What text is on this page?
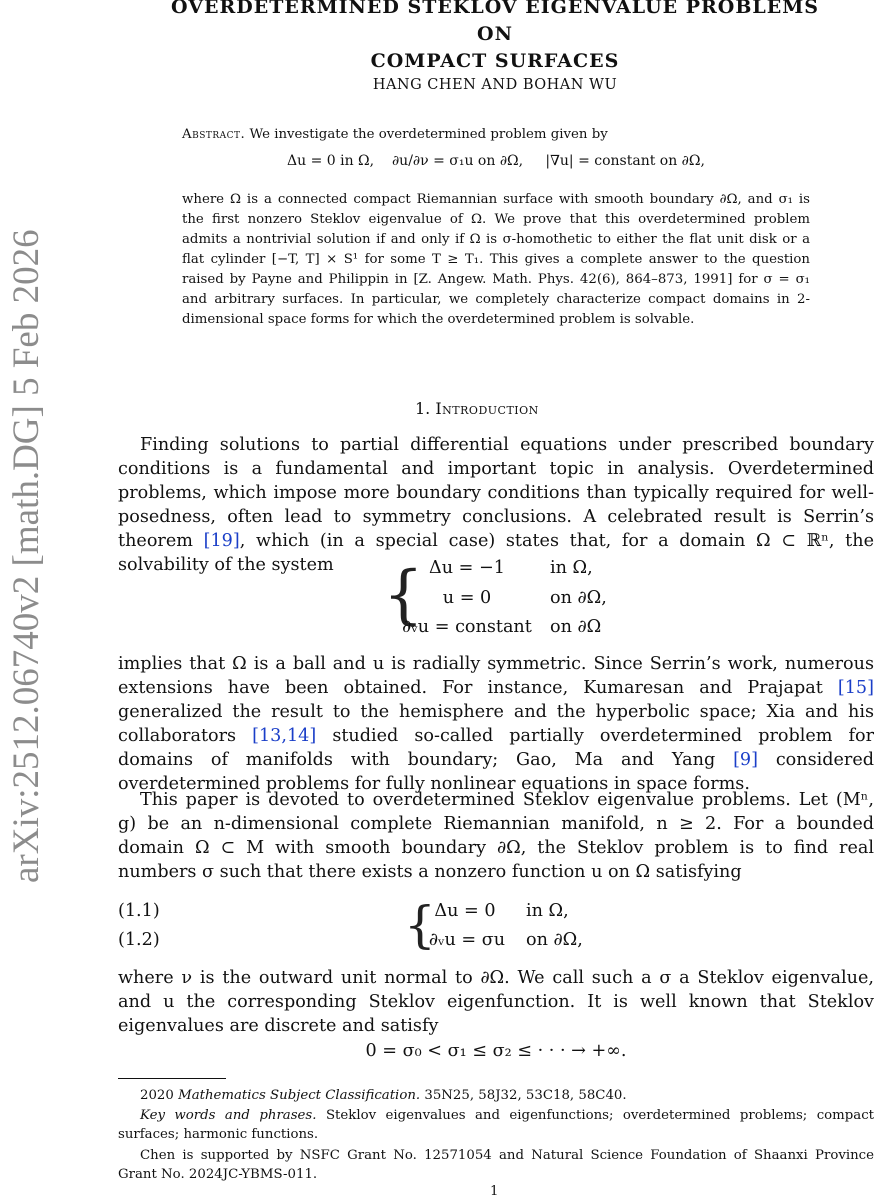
arXiv:2512.06740v2 [math.DG] 5 Feb 2026
OVERDETERMINED STEKLOV EIGENVALUE PROBLEMS ON
COMPACT SURFACES
HANG CHEN AND BOHAN WU
Abstract. We investigate the overdetermined problem given by
Δu = 0 in Ω, ∂u/∂ν = σ₁u on ∂Ω, |∇u| = constant on ∂Ω,
where Ω is a connected compact Riemannian surface with smooth boundary ∂Ω, and σ₁ is the first nonzero Steklov eigenvalue of Ω. We prove that this overdetermined problem admits a nontrivial solution if and only if Ω is σ-homothetic to either the flat unit disk or a flat cylinder [−T, T] × S¹ for some T ≥ T₁. This gives a complete answer to the question raised by Payne and Philippin in [Z. Angew. Math. Phys. 42(6), 864–873, 1991] for σ = σ₁ and arbitrary surfaces. In particular, we completely characterize compact domains in 2-dimensional space forms for which the overdetermined problem is solvable.
1. Introduction
Finding solutions to partial differential equations under prescribed boundary conditions is a fundamental and important topic in analysis. Overdetermined problems, which impose more boundary conditions than typically required for well-posedness, often lead to symmetry conclusions. A celebrated result is Serrin’s theorem [19], which (in a special case) states that, for a domain Ω ⊂ ℝⁿ, the solvability of the system { Δu = −1	in Ω,
u = 0	on ∂Ω,
∂ᵥu = constant on ∂Ω
implies that Ω is a ball and u is radially symmetric. Since Serrin’s work, numerous extensions have been obtained. For instance, Kumaresan and Prajapat [15] generalized the result to the hemisphere and the hyperbolic space; Xia and his collaborators [13,14] studied so-called partially overdetermined problem for domains of manifolds with boundary; Gao, Ma and Yang [9] considered overdetermined problems for fully nonlinear equations in space forms.
This paper is devoted to overdetermined Steklov eigenvalue problems. Let (Mⁿ, g) be an n-dimensional complete Riemannian manifold, n ≥ 2. For a bounded domain Ω ⊂ M with smooth boundary ∂Ω, the Steklov problem is to find real numbers σ such that there exists a nonzero function u on Ω satisfying
(1.1)
(1.2)	{
Δu = 0	in Ω,
∂ᵥu = σu	on ∂Ω,
where ν is the outward unit normal to ∂Ω. We call such a σ a Steklov eigenvalue, and u the corresponding Steklov eigenfunction. It is well known that Steklov eigenvalues are discrete and satisfy
0 = σ₀ < σ₁ ≤ σ₂ ≤ · · · → +∞.
2020 Mathematics Subject Classification. 35N25, 58J32, 53C18, 58C40.
Key words and phrases. Steklov eigenvalues and eigenfunctions; overdetermined problems; compact surfaces; harmonic functions.
Chen is supported by NSFC Grant No. 12571054 and Natural Science Foundation of Shaanxi Province Grant No. 2024JC-YBMS-011.
1
